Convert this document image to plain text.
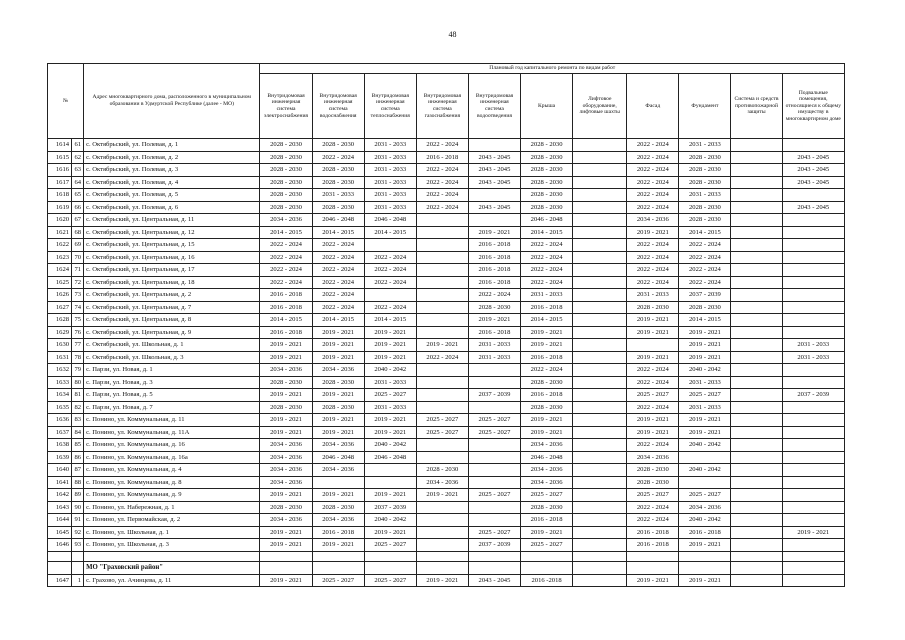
48
№		Адрес многоквартирного дома, расположенного в муниципальном образовании в Удмуртской Республике (далее - МО)	Плановый год капитального ремонта по видам работ										
			Внутридомовая инженерная система электроснабжения	Внутридомовая инженерная система водоснабжения	Внутридомовая инженерная система теплоснабжения	Внутридомовая инженерная система газоснабжения	Внутридомовая инженерная система водоотведения	Крыша	Лифтовое оборудование, лифтовые шахты	Фасад	Фундамент	Система и средств противопожарной защиты	Подвальные помещения, относящиеся к общему имуществу в многоквартирном доме
1614	61	с. Октябрьский, ул. Полевая, д. 1	2028 - 2030	2028 - 2030	2031 - 2033	2022 - 2024		2028 - 2030		2022 - 2024	2031 - 2033		
1615	62	с. Октябрьский, ул. Полевая, д. 2	2028 - 2030	2022 - 2024	2031 - 2033	2016 - 2018	2043 - 2045	2028 - 2030		2022 - 2024	2028 - 2030		2043 - 2045
1616	63	с. Октябрьский, ул. Полевая, д. 3	2028 - 2030	2028 - 2030	2031 - 2033	2022 - 2024	2043 - 2045	2028 - 2030		2022 - 2024	2028 - 2030		2043 - 2045
1617	64	с. Октябрьский, ул. Полевая, д. 4	2028 - 2030	2028 - 2030	2031 - 2033	2022 - 2024	2043 - 2045	2028 - 2030		2022 - 2024	2028 - 2030		2043 - 2045
1618	65	с. Октябрьский, ул. Полевая, д. 5	2028 - 2030	2031 - 2033	2031 - 2033	2022 - 2024		2028 - 2030		2022 - 2024	2031 - 2033		
1619	66	с. Октябрьский, ул. Полевая, д. 6	2028 - 2030	2028 - 2030	2031 - 2033	2022 - 2024	2043 - 2045	2028 - 2030		2022 - 2024	2028 - 2030		2043 - 2045
1620	67	с. Октябрьский, ул. Центральная, д. 11	2034 - 2036	2046 - 2048	2046 - 2048			2046 - 2048		2034 - 2036	2028 - 2030		
1621	68	с. Октябрьский, ул. Центральная, д. 12	2014 - 2015	2014 - 2015	2014 - 2015		2019 - 2021	2014 - 2015		2019 - 2021	2014 - 2015		
1622	69	с. Октябрьский, ул. Центральная, д. 15	2022 - 2024	2022 - 2024			2016 - 2018	2022 - 2024		2022 - 2024	2022 - 2024		
1623	70	с. Октябрьский, ул. Центральная, д. 16	2022 - 2024	2022 - 2024	2022 - 2024		2016 - 2018	2022 - 2024		2022 - 2024	2022 - 2024		
1624	71	с. Октябрьский, ул. Центральная, д. 17	2022 - 2024	2022 - 2024	2022 - 2024		2016 - 2018	2022 - 2024		2022 - 2024	2022 - 2024		
1625	72	с. Октябрьский, ул. Центральная, д. 18	2022 - 2024	2022 - 2024	2022 - 2024		2016 - 2018	2022 - 2024		2022 - 2024	2022 - 2024		
1626	73	с. Октябрьский, ул. Центральная, д. 2	2016 - 2018	2022 - 2024			2022 - 2024	2031 - 2033		2031 - 2033	2037 - 2039		
1627	74	с. Октябрьский, ул. Центральная, д. 7	2016 - 2018	2022 - 2024	2022 - 2024		2028 - 2030	2016 - 2018		2028 - 2030	2028 - 2030		
1628	75	с. Октябрьский, ул. Центральная, д. 8	2014 - 2015	2014 - 2015	2014 - 2015		2019 - 2021	2014 - 2015		2019 - 2021	2014 - 2015		
1629	76	с. Октябрьский, ул. Центральная, д. 9	2016 - 2018	2019 - 2021	2019 - 2021		2016 - 2018	2019 - 2021		2019 - 2021	2019 - 2021		
1630	77	с. Октябрьский, ул. Школьная, д. 1	2019 - 2021	2019 - 2021	2019 - 2021	2019 - 2021	2031 - 2033	2019 - 2021			2019 - 2021		2031 - 2033
1631	78	с. Октябрьский, ул. Школьная, д. 3	2019 - 2021	2019 - 2021	2019 - 2021	2022 - 2024	2031 - 2033	2016 - 2018		2019 - 2021	2019 - 2021		2031 - 2033
1632	79	с. Парзи, ул. Новая, д. 1	2034 - 2036	2034 - 2036	2040 - 2042			2022 - 2024		2022 - 2024	2040 - 2042		
1633	80	с. Парзи, ул. Новая, д. 3	2028 - 2030	2028 - 2030	2031 - 2033			2028 - 2030		2022 - 2024	2031 - 2033		
1634	81	с. Парзи, ул. Новая, д. 5	2019 - 2021	2019 - 2021	2025 - 2027		2037 - 2039	2016 - 2018		2025 - 2027	2025 - 2027		2037 - 2039
1635	82	с. Парзи, ул. Новая, д. 7	2028 - 2030	2028 - 2030	2031 - 2033			2028 - 2030		2022 - 2024	2031 - 2033		
1636	83	с. Понино, ул. Коммунальная, д. 11	2019 - 2021	2019 - 2021	2019 - 2021	2025 - 2027	2025 - 2027	2019 - 2021		2019 - 2021	2019 - 2021		
1637	84	с. Понино, ул. Коммунальная, д. 11А	2019 - 2021	2019 - 2021	2019 - 2021	2025 - 2027	2025 - 2027	2019 - 2021		2019 - 2021	2019 - 2021		
1638	85	с. Понино, ул. Коммунальная, д. 16	2034 - 2036	2034 - 2036	2040 - 2042			2034 - 2036		2022 - 2024	2040 - 2042		
1639	86	с. Понино, ул. Коммунальная, д. 16а	2034 - 2036	2046 - 2048	2046 - 2048			2046 - 2048		2034 - 2036			
1640	87	с. Понино, ул. Коммунальная, д. 4	2034 - 2036	2034 - 2036		2028 - 2030		2034 - 2036		2028 - 2030	2040 - 2042		
1641	88	с. Понино, ул. Коммунальная, д. 8	2034 - 2036			2034 - 2036		2034 - 2036		2028 - 2030			
1642	89	с. Понино, ул. Коммунальная, д. 9	2019 - 2021	2019 - 2021	2019 - 2021	2019 - 2021	2025 - 2027	2025 - 2027		2025 - 2027	2025 - 2027		
1643	90	с. Понино, ул. Набережная, д. 1	2028 - 2030	2028 - 2030	2037 - 2039			2028 - 2030		2022 - 2024	2034 - 2036		
1644	91	с. Понино, ул. Первомайская, д. 2	2034 - 2036	2034 - 2036	2040 - 2042			2016 - 2018		2022 - 2024	2040 - 2042		
1645	92	с. Понино, ул. Школьная, д. 1	2019 - 2021	2016 - 2018	2019 - 2021		2025 - 2027	2019 - 2021		2016 - 2018	2016 - 2018		2019 - 2021
1646	93	с. Понино, ул. Школьная, д. 3	2019 - 2021	2019 - 2021	2025 - 2027		2037 - 2039	2025 - 2027		2016 - 2018	2019 - 2021		

		МО "Граховский район"											
1647	1	с. Грахово, ул. Ачинцева, д. 11	2019 - 2021	2025 - 2027	2025 - 2027	2019 - 2021	2043 - 2045	2016 -2018		2019 - 2021	2019 - 2021		
